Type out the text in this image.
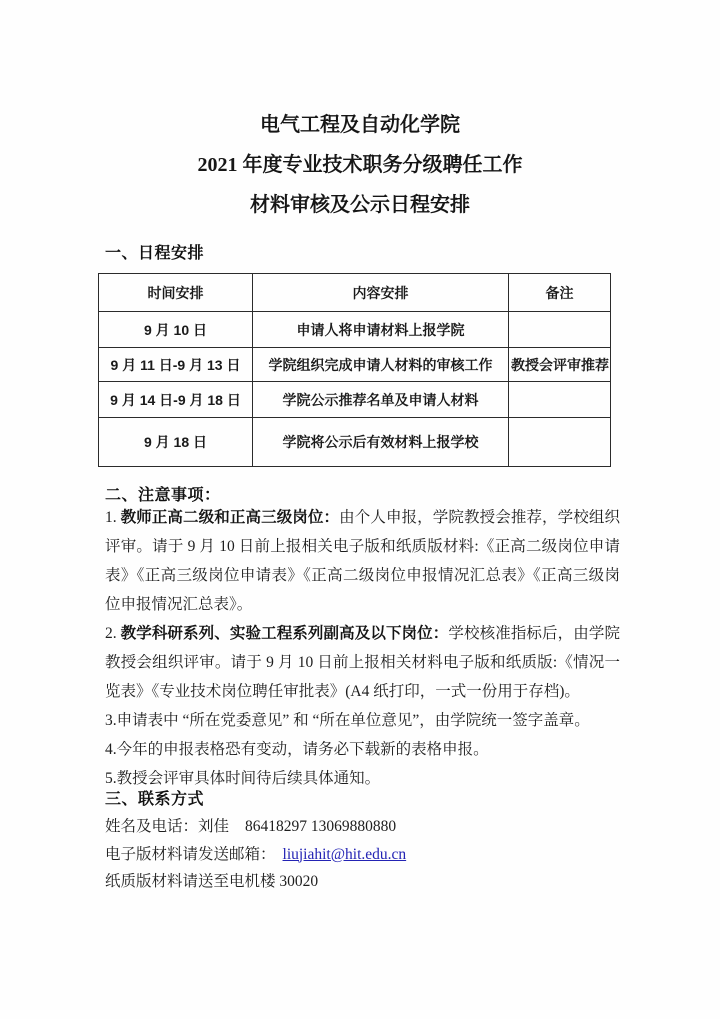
电气工程及自动化学院
2021 年度专业技术职务分级聘任工作
材料审核及公示日程安排
一、日程安排
时间安排	内容安排	备注
9 月 10 日	申请人将申请材料上报学院	
9 月 11 日-9 月 13 日	学院组织完成申请人材料的审核工作	教授会评审推荐
9 月 14 日-9 月 18 日	学院公示推荐名单及申请人材料	
9 月 18 日	学院将公示后有效材料上报学校	
二、注意事项：

1. 教师正高二级和正高三级岗位：由个人申报，学院教授会推荐，学校组织评审。请于 9 月 10 日前上报相关电子版和纸质版材料:《正高二级岗位申请表》《正高三级岗位申请表》《正高二级岗位申报情况汇总表》《正高三级岗位申报情况汇总表》。

2. 教学科研系列、实验工程系列副高及以下岗位：学校核准指标后，由学院教授会组织评审。请于 9 月 10 日前上报相关材料电子版和纸质版:《情况一览表》《专业技术岗位聘任审批表》(A4 纸打印，一式一份用于存档)。

3.申请表中 “所在党委意见” 和 “所在单位意见”，由学院统一签字盖章。

4.今年的申报表格恐有变动，请务必下载新的表格申报。

5.教授会评审具体时间待后续具体通知。

三、联系方式

姓名及电话：刘佳 86418297 13069880880

电子版材料请发送邮箱： liujiahit@hit.edu.cn

纸质版材料请送至电机楼 30020
